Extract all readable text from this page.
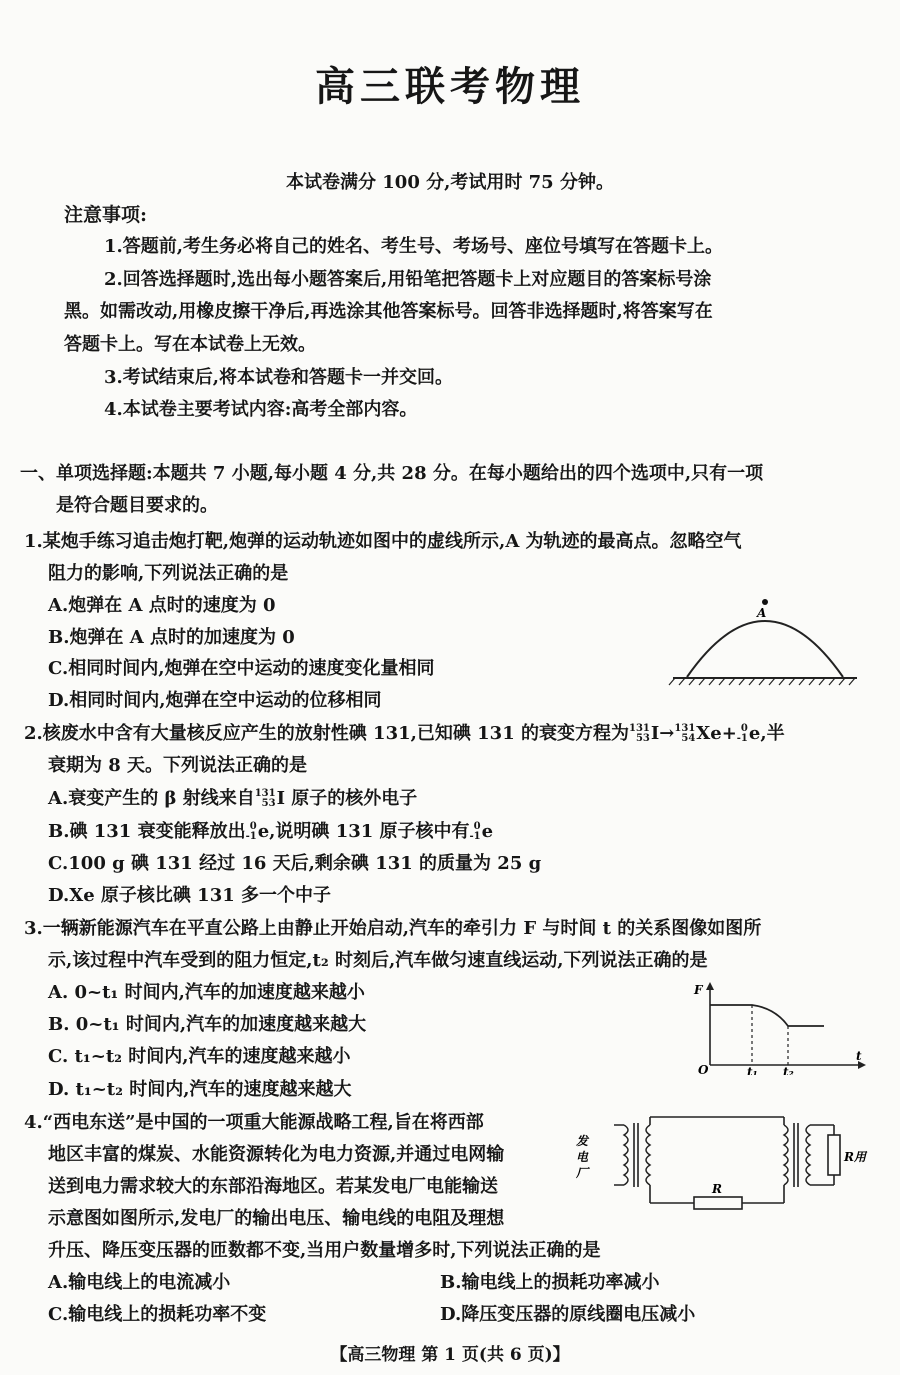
高三联考物理
本试卷满分 100 分,考试用时 75 分钟。
注意事项:
1.答题前,考生务必将自己的姓名、考生号、考场号、座位号填写在答题卡上。
2.回答选择题时,选出每小题答案后,用铅笔把答题卡上对应题目的答案标号涂
黑。如需改动,用橡皮擦干净后,再选涂其他答案标号。回答非选择题时,将答案写在
答题卡上。写在本试卷上无效。
3.考试结束后,将本试卷和答题卡一并交回。
4.本试卷主要考试内容:高考全部内容。
一、单项选择题:本题共 7 小题,每小题 4 分,共 28 分。在每小题给出的四个选项中,只有一项
是符合题目要求的。
1.某炮手练习追击炮打靶,炮弹的运动轨迹如图中的虚线所示,A 为轨迹的最高点。忽略空气
阻力的影响,下列说法正确的是
A.炮弹在 A 点时的速度为 0
B.炮弹在 A 点时的加速度为 0
C.相同时间内,炮弹在空中运动的速度变化量相同
D.相同时间内,炮弹在空中运动的位移相同
A
2.核废水中含有大量核反应产生的放射性碘 131,已知碘 131 的衰变方程为 131
53 I→ 131
54 Xe+ 0
-1 e,半
衰期为 8 天。下列说法正确的是
A.衰变产生的 β 射线来自 131
53 I 原子的核外电子
B.碘 131 衰变能释放出 0
-1 e,说明碘 131 原子核中有 0
-1 e
C.100 g 碘 131 经过 16 天后,剩余碘 131 的质量为 25 g
D.Xe 原子核比碘 131 多一个中子
3.一辆新能源汽车在平直公路上由静止开始启动,汽车的牵引力 F 与时间 t 的关系图像如图所
示,该过程中汽车受到的阻力恒定,t₂ 时刻后,汽车做匀速直线运动,下列说法正确的是
A. 0~t₁ 时间内,汽车的加速度越来越小
B. 0~t₁ 时间内,汽车的加速度越来越大
C. t₁~t₂ 时间内,汽车的速度越来越小
D. t₁~t₂ 时间内,汽车的速度越来越大
F
t
O	t₁ t₂
4.“西电东送”是中国的一项重大能源战略工程,旨在将西部
地区丰富的煤炭、水能资源转化为电力资源,并通过电网输
送到电力需求较大的东部沿海地区。若某发电厂电能输送
示意图如图所示,发电厂的输出电压、输电线的电阻及理想
升压、降压变压器的匝数都不变,当用户数量增多时,下列说法正确的是
A.输电线上的电流减小	B.输电线上的损耗功率减小
C.输电线上的损耗功率不变	D.降压变压器的原线圈电压减小
发电厂
R
R用
【高三物理 第 1 页(共 6 页)】
